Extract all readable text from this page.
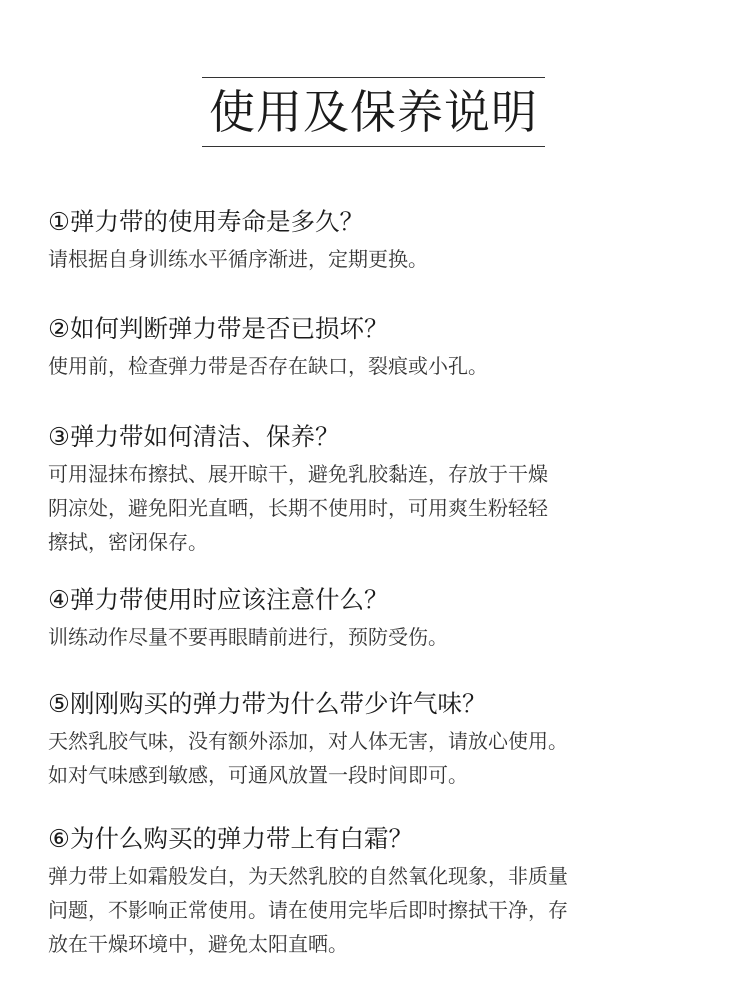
使用及保养说明
①弹力带的使用寿命是多久？
请根据自身训练水平循序渐进，定期更换。
②如何判断弹力带是否已损坏？
使用前，检查弹力带是否存在缺口，裂痕或小孔。
③弹力带如何清洁、保养？
可用湿抹布擦拭、展开晾干，避免乳胶黏连，存放于干燥
阴凉处，避免阳光直晒，长期不使用时，可用爽生粉轻轻
擦拭，密闭保存。
④弹力带使用时应该注意什么？
训练动作尽量不要再眼睛前进行，预防受伤。
⑤刚刚购买的弹力带为什么带少许气味？
天然乳胶气味，没有额外添加，对人体无害，请放心使用。
如对气味感到敏感，可通风放置一段时间即可。
⑥为什么购买的弹力带上有白霜？
弹力带上如霜般发白，为天然乳胶的自然氧化现象，非质量
问题，不影响正常使用。请在使用完毕后即时擦拭干净，存
放在干燥环境中，避免太阳直晒。
